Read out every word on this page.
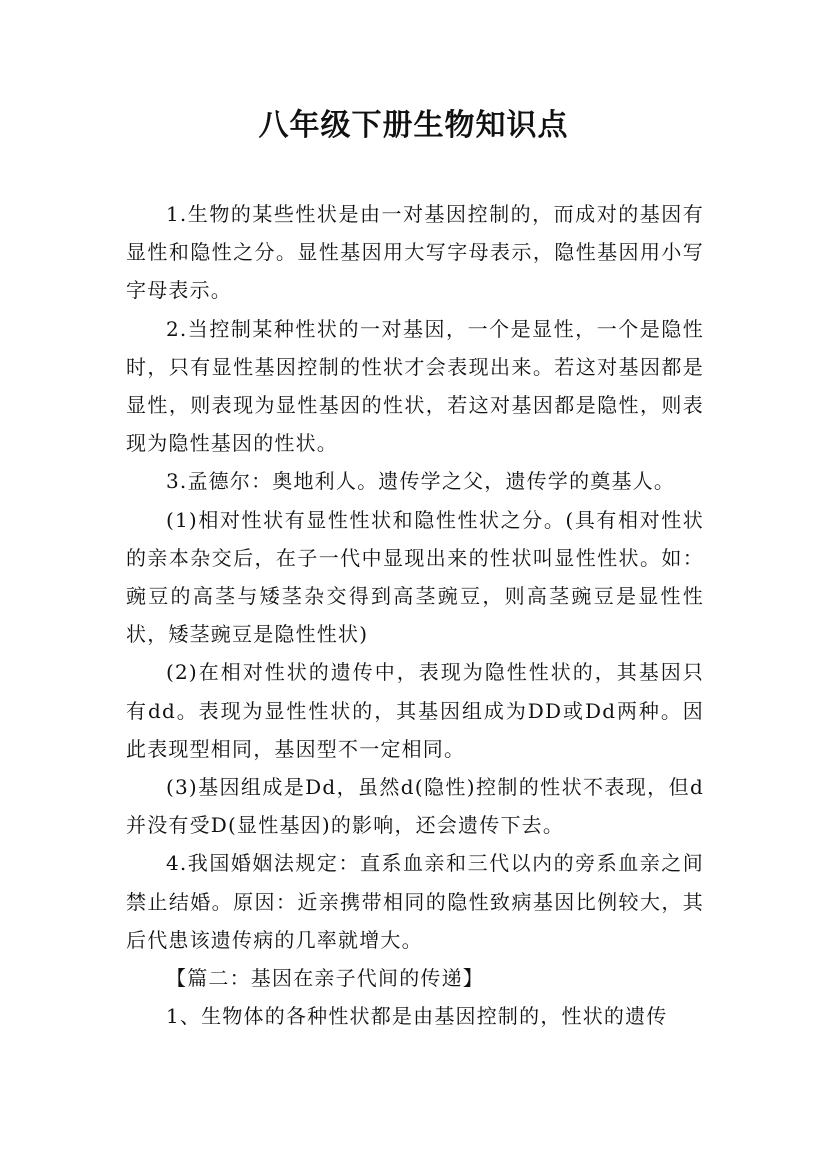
八年级下册生物知识点

1.生物的某些性状是由一对基因控制的，而成对的基因有显性和隐性之分。显性基因用大写字母表示，隐性基因用小写字母表示。

2.当控制某种性状的一对基因，一个是显性，一个是隐性时，只有显性基因控制的性状才会表现出来。若这对基因都是显性，则表现为显性基因的性状，若这对基因都是隐性，则表现为隐性基因的性状。

3.孟德尔：奥地利人。遗传学之父，遗传学的奠基人。

(1)相对性状有显性性状和隐性性状之分。(具有相对性状的亲本杂交后，在子一代中显现出来的性状叫显性性状。如：豌豆的高茎与矮茎杂交得到高茎豌豆，则高茎豌豆是显性性状，矮茎豌豆是隐性性状)

(2)在相对性状的遗传中，表现为隐性性状的，其基因只有dd。表现为显性性状的，其基因组成为DD或Dd两种。因此表现型相同，基因型不一定相同。

(3)基因组成是Dd，虽然d(隐性)控制的性状不表现，但d并没有受D(显性基因)的影响，还会遗传下去。

4.我国婚姻法规定：直系血亲和三代以内的旁系血亲之间禁止结婚。原因：近亲携带相同的隐性致病基因比例较大，其后代患该遗传病的几率就增大。

【篇二：基因在亲子代间的传递】

1、生物体的各种性状都是由基因控制的，性状的遗传
